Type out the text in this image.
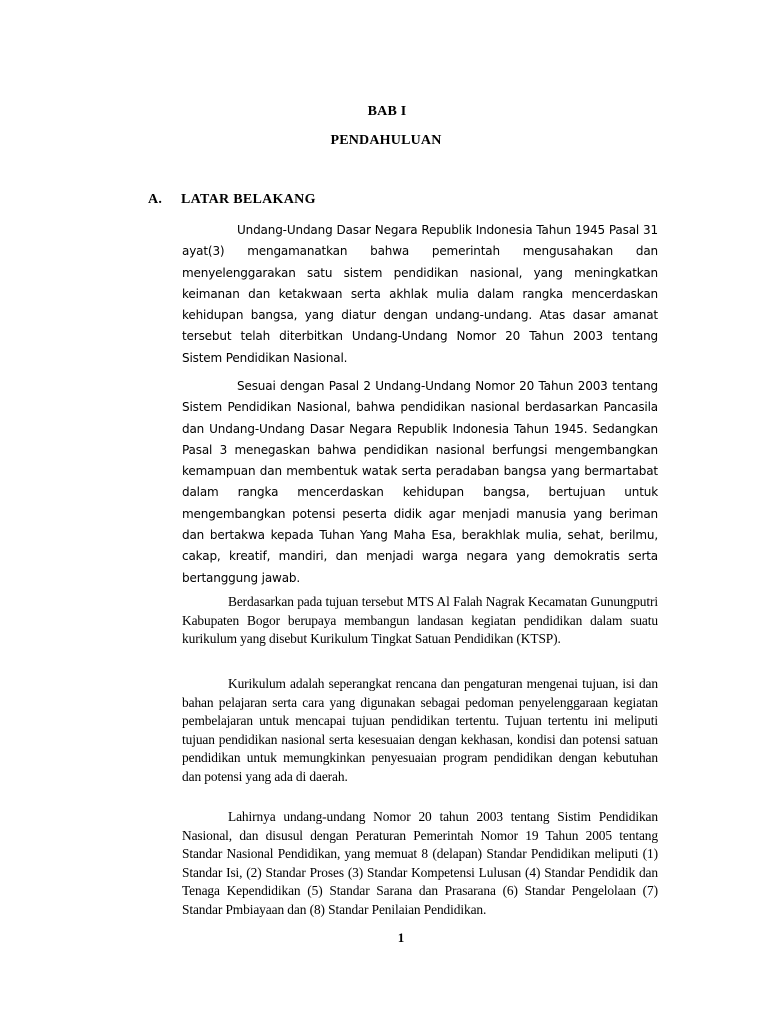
BAB I
PENDAHULUAN
A. LATAR BELAKANG

Undang-Undang Dasar Negara Republik Indonesia Tahun 1945 Pasal 31 ayat(3) mengamanatkan bahwa pemerintah mengusahakan dan menyelenggarakan satu sistem pendidikan nasional, yang meningkatkan keimanan dan ketakwaan serta akhlak mulia dalam rangka mencerdaskan kehidupan bangsa, yang diatur dengan undang-undang. Atas dasar amanat tersebut telah diterbitkan Undang-Undang Nomor 20 Tahun 2003 tentang Sistem Pendidikan Nasional.

Sesuai dengan Pasal 2 Undang-Undang Nomor 20 Tahun 2003 tentang Sistem Pendidikan Nasional, bahwa pendidikan nasional berdasarkan Pancasila dan Undang-Undang Dasar Negara Republik Indonesia Tahun 1945. Sedangkan Pasal 3 menegaskan bahwa pendidikan nasional berfungsi mengembangkan kemampuan dan membentuk watak serta peradaban bangsa yang bermartabat dalam rangka mencerdaskan kehidupan bangsa, bertujuan untuk mengembangkan potensi peserta didik agar menjadi manusia yang beriman dan bertakwa kepada Tuhan Yang Maha Esa, berakhlak mulia, sehat, berilmu, cakap, kreatif, mandiri, dan menjadi warga negara yang demokratis serta bertanggung jawab.

Berdasarkan pada tujuan tersebut MTS Al Falah Nagrak Kecamatan Gunungputri Kabupaten Bogor berupaya membangun landasan kegiatan pendidikan dalam suatu kurikulum yang disebut Kurikulum Tingkat Satuan Pendidikan (KTSP).

Kurikulum adalah seperangkat rencana dan pengaturan mengenai tujuan, isi dan bahan pelajaran serta cara yang digunakan sebagai pedoman penyelenggaraan kegiatan pembelajaran untuk mencapai tujuan pendidikan tertentu. Tujuan tertentu ini meliputi tujuan pendidikan nasional serta kesesuaian dengan kekhasan, kondisi dan potensi satuan pendidikan untuk memungkinkan penyesuaian program pendidikan dengan kebutuhan dan potensi yang ada di daerah.

Lahirnya undang-undang Nomor 20 tahun 2003 tentang Sistim Pendidikan Nasional, dan disusul dengan Peraturan Pemerintah Nomor 19 Tahun 2005 tentang Standar Nasional Pendidikan, yang memuat 8 (delapan) Standar Pendidikan meliputi (1) Standar Isi, (2) Standar Proses (3) Standar Kompetensi Lulusan (4) Standar Pendidik dan Tenaga Kependidikan (5) Standar Sarana dan Prasarana (6) Standar Pengelolaan (7) Standar Pmbiayaan dan (8) Standar Penilaian Pendidikan.

1
